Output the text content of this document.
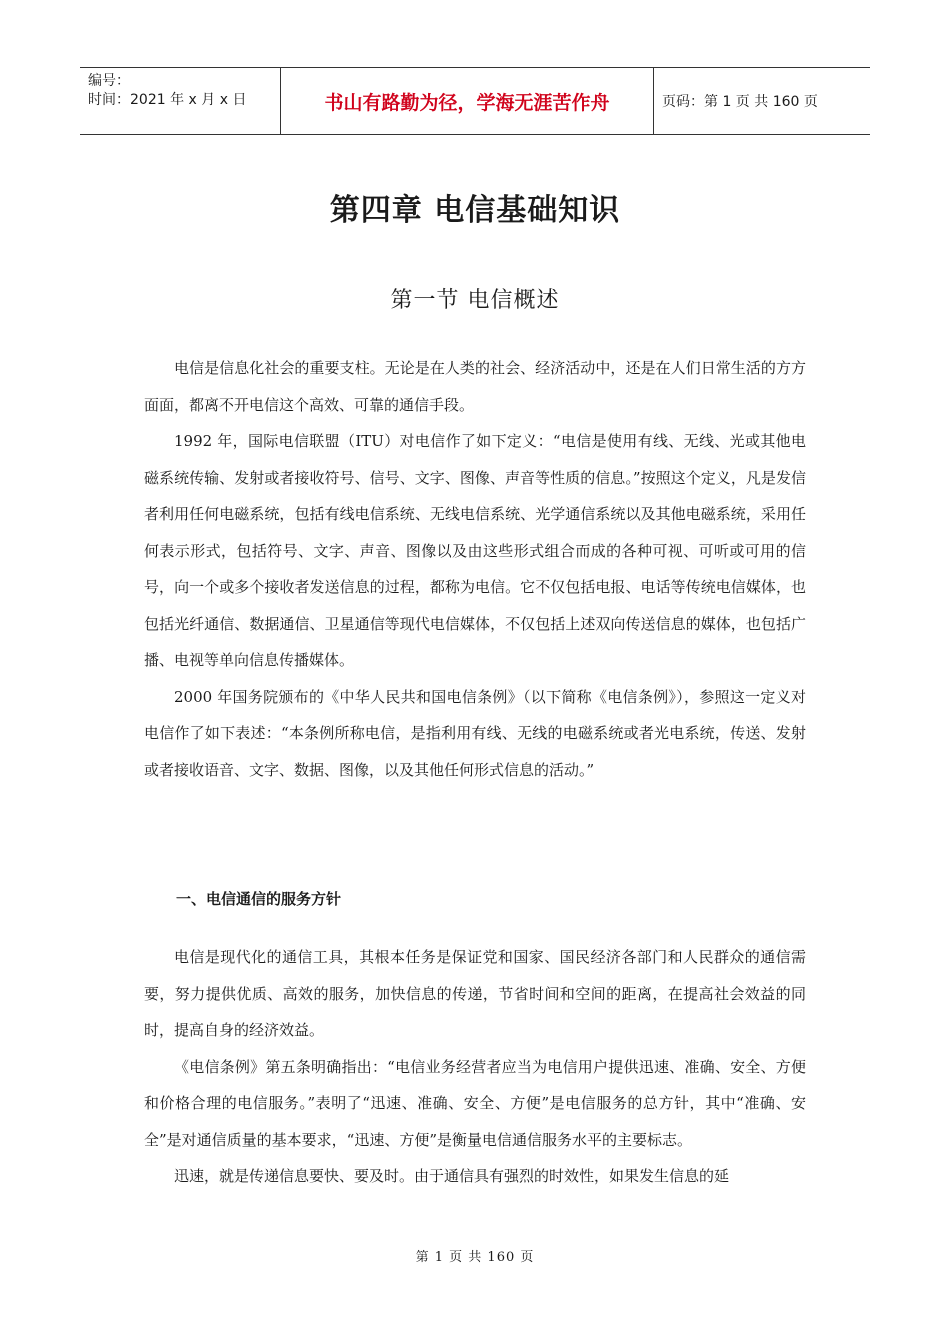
编号：
时间：2021 年 x 月 x 日	书山有路勤为径，学海无涯苦作舟	页码：第 1 页 共 160 页
第四章 电信基础知识
第一节 电信概述

电信是信息化社会的重要支柱。无论是在人类的社会、经济活动中，还是在人们日常生活的方方面面，都离不开电信这个高效、可靠的通信手段。

1992 年，国际电信联盟（ITU）对电信作了如下定义：“电信是使用有线、无线、光或其他电磁系统传输、发射或者接收符号、信号、文字、图像、声音等性质的信息。”按照这个定义，凡是发信者利用任何电磁系统，包括有线电信系统、无线电信系统、光学通信系统以及其他电磁系统，采用任何表示形式，包括符号、文字、声音、图像以及由这些形式组合而成的各种可视、可听或可用的信号，向一个或多个接收者发送信息的过程，都称为电信。它不仅包括电报、电话等传统电信媒体，也包括光纤通信、数据通信、卫星通信等现代电信媒体，不仅包括上述双向传送信息的媒体，也包括广播、电视等单向信息传播媒体。

2000 年国务院颁布的《中华人民共和国电信条例》（以下简称《电信条例》），参照这一定义对电信作了如下表述：“本条例所称电信，是指利用有线、无线的电磁系统或者光电系统，传送、发射或者接收语音、文字、数据、图像，以及其他任何形式信息的活动。”

一、电信通信的服务方针

电信是现代化的通信工具，其根本任务是保证党和国家、国民经济各部门和人民群众的通信需要，努力提供优质、高效的服务，加快信息的传递，节省时间和空间的距离，在提高社会效益的同时，提高自身的经济效益。

《电信条例》第五条明确指出：“电信业务经营者应当为电信用户提供迅速、准确、安全、方便和价格合理的电信服务。”表明了“迅速、准确、安全、方便”是电信服务的总方针，其中“准确、安全”是对通信质量的基本要求，“迅速、方便”是衡量电信通信服务水平的主要标志。

迅速，就是传递信息要快、要及时。由于通信具有强烈的时效性，如果发生信息的延

第 1 页 共 160 页
